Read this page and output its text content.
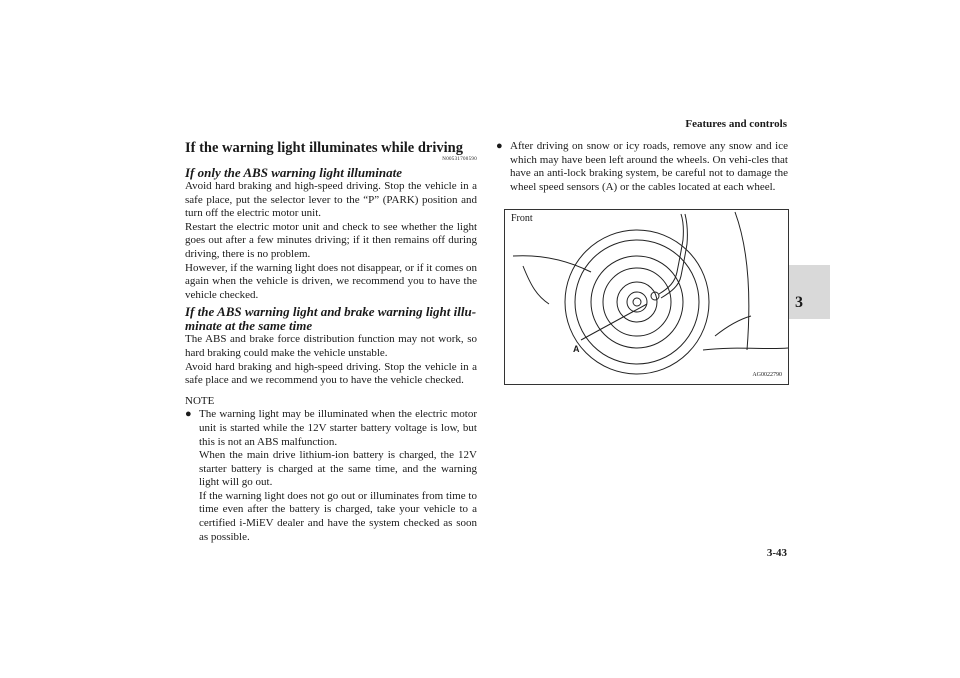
Features and controls
3
If the warning light illuminates while driving
N00531700590
If only the ABS warning light illuminate

Avoid hard braking and high-speed driving. Stop the vehicle in a safe place, put the selector lever to the “P” (PARK) position and turn off the electric motor unit.

Restart the electric motor unit and check to see whether the light goes out after a few minutes driving; if it then remains off during driving, there is no problem.

However, if the warning light does not disappear, or if it comes on again when the vehicle is driven, we recommend you to have the vehicle checked.

If the ABS warning light and brake warning light illu-minate at the same time

The ABS and brake force distribution function may not work, so hard braking could make the vehicle unstable.

Avoid hard braking and high-speed driving. Stop the vehicle in a safe place and we recommend you to have the vehicle checked.

NOTE
● The warning light may be illuminated when the electric motor unit is started while the 12V starter battery voltage is low, but this is not an ABS malfunction.
When the main drive lithium-ion battery is charged, the 12V starter battery is charged at the same time, and the warning light will go out.
If the warning light does not go out or illuminates from time to time even after the battery is charged, take your vehicle to a certified i-MiEV dealer and have the system checked as soon as possible.
● After driving on snow or icy roads, remove any snow and ice which may have been left around the wheels. On vehi-cles that have an anti-lock braking system, be careful not to damage the wheel speed sensors (A) or the cables located at each wheel.
Front
A
AG0022790
3-43
